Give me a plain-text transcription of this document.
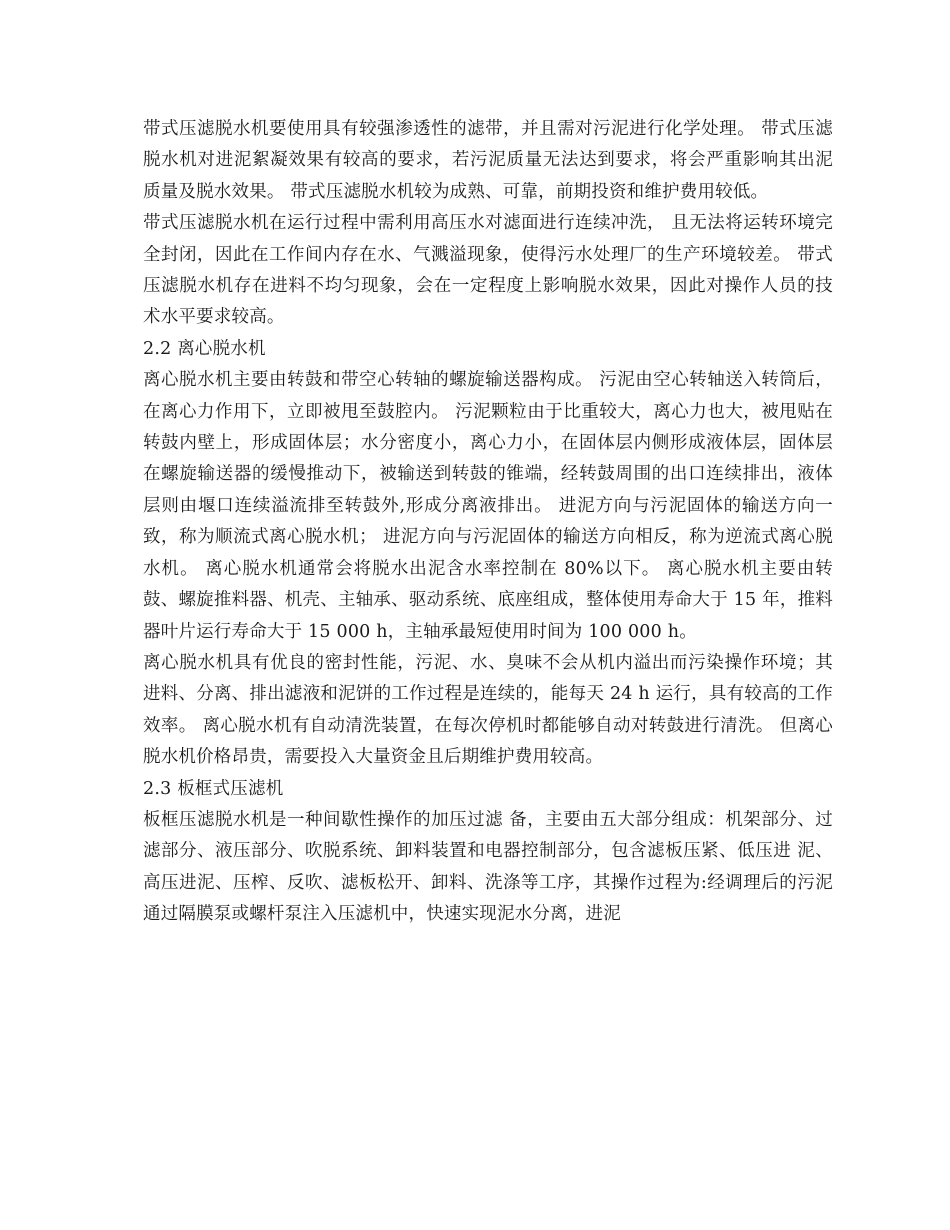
带式压滤脱水机要使用具有较强渗透性的滤带，并且需对污泥进行化学处理。 带式压滤脱水机对进泥絮凝效果有较高的要求，若污泥质量无法达到要求，将会严重影响其出泥质量及脱水效果。 带式压滤脱水机较为成熟、可靠，前期投资和维护费用较低。

带式压滤脱水机在运行过程中需利用高压水对滤面进行连续冲洗， 且无法将运转环境完全封闭，因此在工作间内存在水、气溅溢现象，使得污水处理厂的生产环境较差。 带式压滤脱水机存在进料不均匀现象，会在一定程度上影响脱水效果，因此对操作人员的技术水平要求较高。

2.2 离心脱水机

离心脱水机主要由转鼓和带空心转轴的螺旋输送器构成。 污泥由空心转轴送入转筒后，在离心力作用下，立即被甩至鼓腔内。 污泥颗粒由于比重较大，离心力也大，被甩贴在转鼓内壁上，形成固体层；水分密度小，离心力小，在固体层内侧形成液体层，固体层在螺旋输送器的缓慢推动下，被输送到转鼓的锥端，经转鼓周围的出口连续排出，液体层则由堰口连续溢流排至转鼓外,形成分离液排出。 进泥方向与污泥固体的输送方向一致，称为顺流式离心脱水机； 进泥方向与污泥固体的输送方向相反，称为逆流式离心脱水机。 离心脱水机通常会将脱水出泥含水率控制在 80%以下。 离心脱水机主要由转鼓、螺旋推料器、机壳、主轴承、驱动系统、底座组成，整体使用寿命大于 15 年，推料器叶片运行寿命大于 15 000 h，主轴承最短使用时间为 100 000 h。

离心脱水机具有优良的密封性能，污泥、水、臭味不会从机内溢出而污染操作环境；其进料、分离、排出滤液和泥饼的工作过程是连续的，能每天 24 h 运行，具有较高的工作效率。 离心脱水机有自动清洗装置，在每次停机时都能够自动对转鼓进行清洗。 但离心脱水机价格昂贵，需要投入大量资金且后期维护费用较高。

2.3 板框式压滤机

板框压滤脱水机是一种间歇性操作的加压过滤 备，主要由五大部分组成：机架部分、过滤部分、液压部分、吹脱系统、卸料装置和电器控制部分，包含滤板压紧、低压进 泥、高压进泥、压榨、反吹、滤板松开、卸料、洗涤等工序，其操作过程为:经调理后的污泥通过隔膜泵或螺杆泵注入压滤机中，快速实现泥水分离，进泥
